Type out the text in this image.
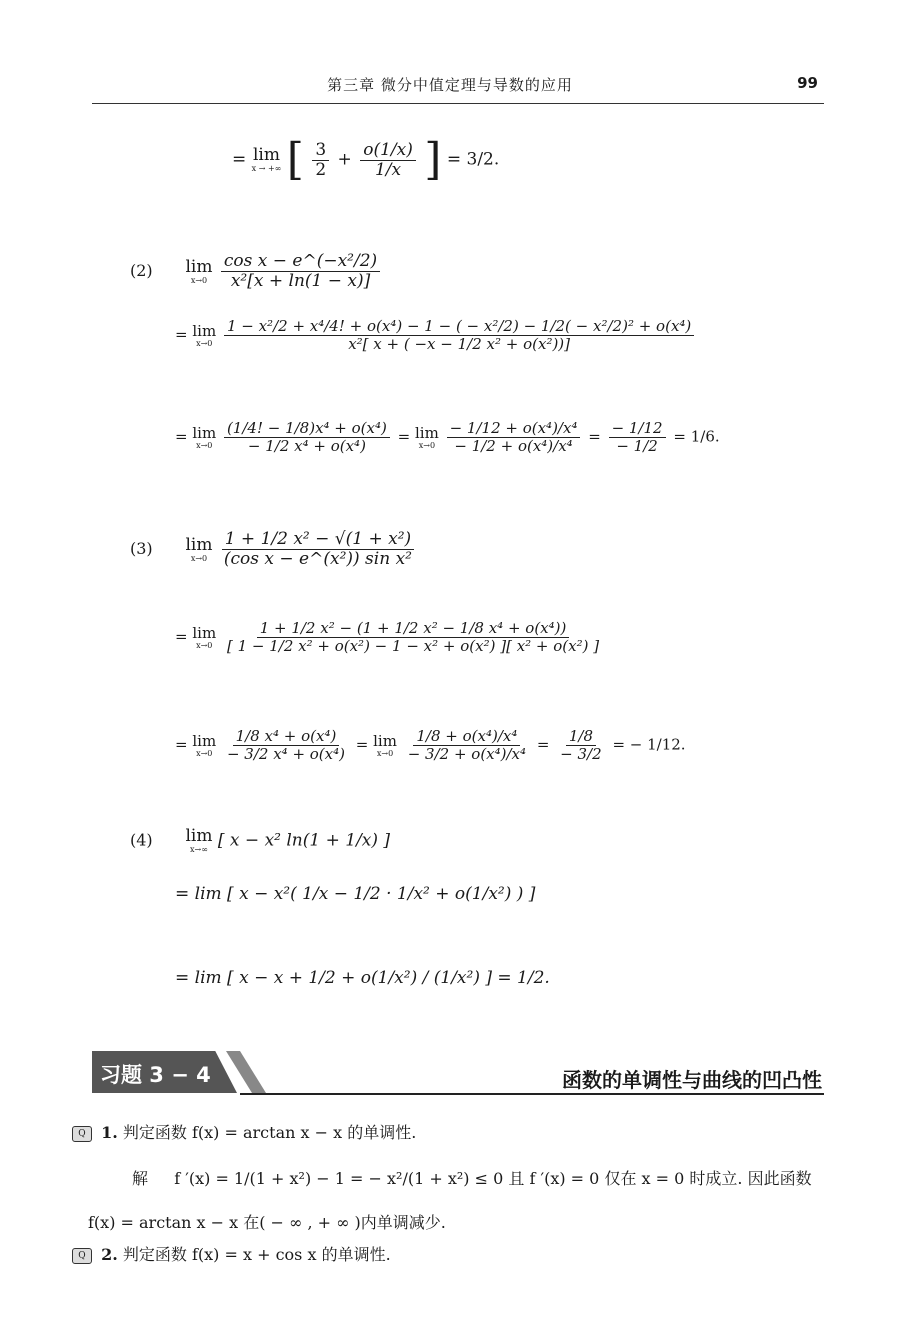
第三章 微分中值定理与导数的应用	99
= lim
x → +∞ [ $\frac{3}{2} + \frac{o(1/x)}{1/x}$ ] = 3/2.
(2) lim
x→0
$\frac{\text{cos x − e\textasciicircum{}(−x²/2)}}{\text{x²[x + ln(1 − x)]}}$
= lim
x→0

1 − x²/2 + x⁴/4! + o(x⁴) − 1 − ( − x²/2) − 1/2( − x²/2)² + o(x⁴)
x²[ x + ( −x − 1/2 x² + o(x²))]
= lim
x→0
$\frac{\text{(1/4! − 1/8)x⁴ + o(x⁴)}}{\text{− 1/2 x⁴ + o(x⁴)}} = \lim$
x→0
$\frac{\text{− 1/12 + o(x⁴)/x⁴}}{\text{− 1/2 + o(x⁴)/x⁴}} = \frac{- 1/12}{- 1/2} = 1/6$.
(3) lim
x→0
$\frac{\text{1 + 1/2 x² − √(1 + x²)}}{\text{(cos x − e\textasciicircum{}(x²)) sin x²}}$
= lim
x→0
$\frac{\text{1 + 1/2 x² − (1 + 1/2 x² − 1/8 x⁴ + o(x⁴))}}{\text{[ 1 − 1/2 x² + o(x²) − 1 − x² + o(x²) ][ x² + o(x²) ]}}$
= lim
x→0
$\frac{\text{1/8 x⁴ + o(x⁴)}}{\text{− 3/2 x⁴ + o(x⁴)}} = \lim$
x→0
$\frac{\text{1/8 + o(x⁴)/x⁴}}{\text{− 3/2 + o(x⁴)/x⁴}} = \frac{1/8}{- 3/2}$ = − 1/12.
(4) lim
x→∞ [ x − x² ln(1 + 1/x) ]
= lim [ x − x²( 1/x − 1/2 · 1/x² + o(1/x²) ) ]
= lim [ x − x + 1/2 + o(1/x²) / (1/x²) ] = 1/2.
习题 3 − 4	函数的单调性与曲线的凹凸性
Q 1. 判定函数 f(x) = arctan x − x 的单调性.
解 f ′(x) = 1/(1 + x²) − 1 = − x²/(1 + x²) ≤ 0 且 f ′(x) = 0 仅在 x = 0 时成立. 因此函数
f(x) = arctan x − x 在( − ∞ , + ∞ )内单调减少.
Q 2. 判定函数 f(x) = x + cos x 的单调性.
